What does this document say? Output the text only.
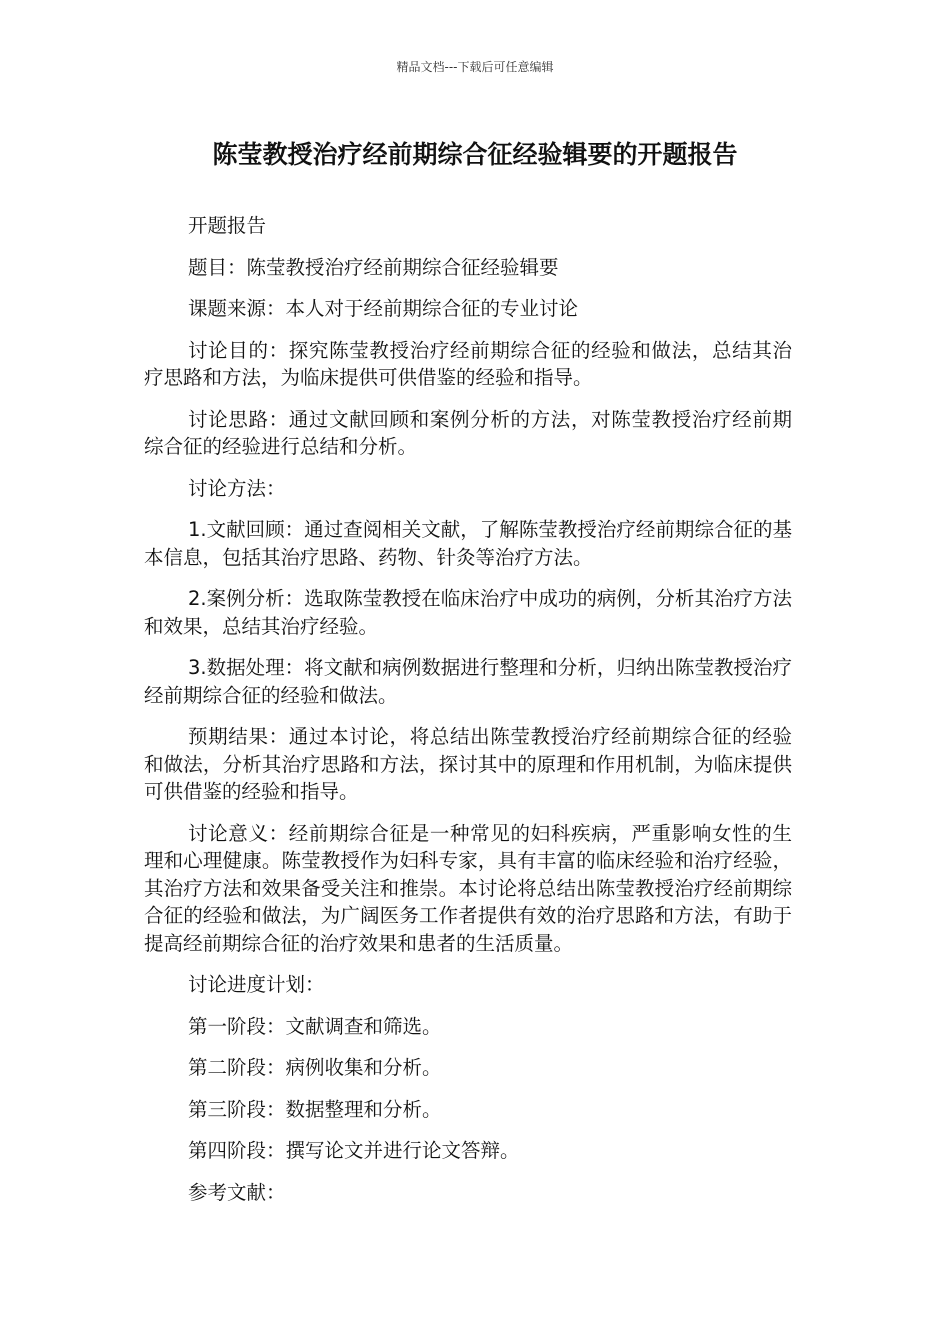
精品文档---下载后可任意编辑
陈莹教授治疗经前期综合征经验辑要的开题报告

开题报告

题目：陈莹教授治疗经前期综合征经验辑要

课题来源：本人对于经前期综合征的专业讨论

讨论目的：探究陈莹教授治疗经前期综合征的经验和做法，总结其治疗思路和方法，为临床提供可供借鉴的经验和指导。

讨论思路：通过文献回顾和案例分析的方法，对陈莹教授治疗经前期综合征的经验进行总结和分析。

讨论方法：

1.文献回顾：通过查阅相关文献，了解陈莹教授治疗经前期综合征的基本信息，包括其治疗思路、药物、针灸等治疗方法。

2.案例分析：选取陈莹教授在临床治疗中成功的病例，分析其治疗方法和效果，总结其治疗经验。

3.数据处理：将文献和病例数据进行整理和分析，归纳出陈莹教授治疗经前期综合征的经验和做法。

预期结果：通过本讨论，将总结出陈莹教授治疗经前期综合征的经验和做法，分析其治疗思路和方法，探讨其中的原理和作用机制，为临床提供可供借鉴的经验和指导。

讨论意义：经前期综合征是一种常见的妇科疾病，严重影响女性的生理和心理健康。陈莹教授作为妇科专家，具有丰富的临床经验和治疗经验，其治疗方法和效果备受关注和推崇。本讨论将总结出陈莹教授治疗经前期综合征的经验和做法，为广阔医务工作者提供有效的治疗思路和方法，有助于提高经前期综合征的治疗效果和患者的生活质量。

讨论进度计划：

第一阶段：文献调查和筛选。

第二阶段：病例收集和分析。

第三阶段：数据整理和分析。

第四阶段：撰写论文并进行论文答辩。

参考文献：
